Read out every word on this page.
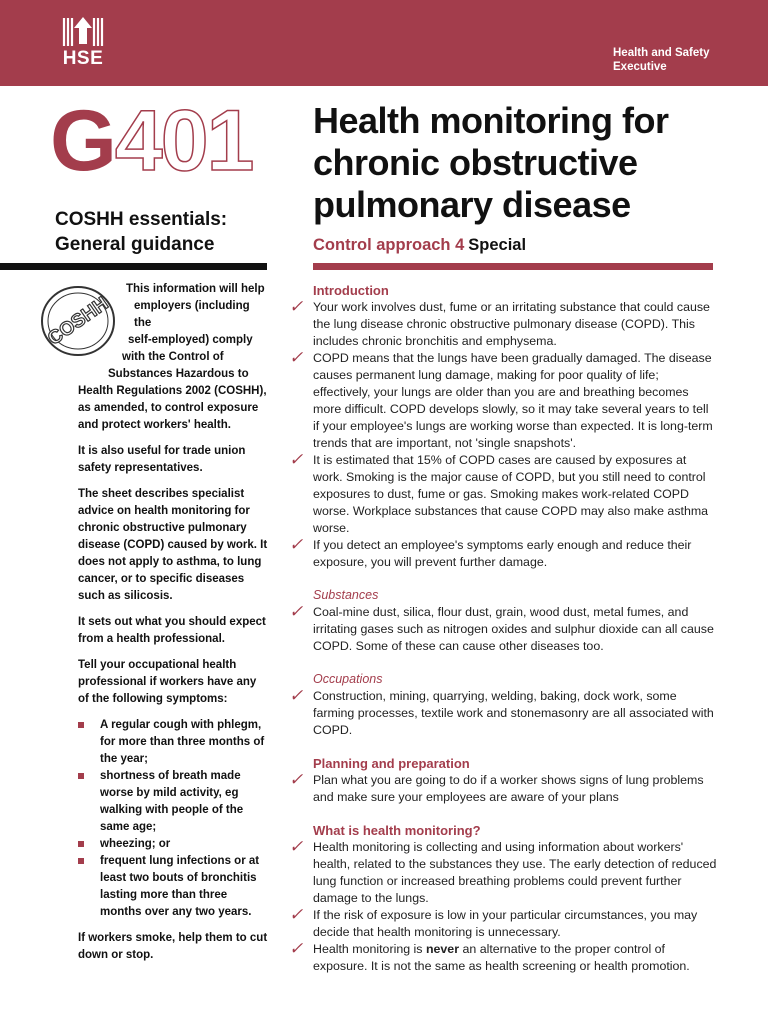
HSE	Health and Safety
Executive
G401 Health monitoring for chronic obstructive pulmonary disease
COSHH essentials:
General guidance	Control approach 4 Special
COSHH

This information will help
employers (including the
self-employed) comply
with the Control of
Substances Hazardous to
Health Regulations 2002 (COSHH), as amended, to control exposure and protect workers' health.

It is also useful for trade union safety representatives.

The sheet describes specialist advice on health monitoring for chronic obstructive pulmonary disease (COPD) caused by work. It does not apply to asthma, to lung cancer, or to specific diseases such as silicosis.

It sets out what you should expect from a health professional.

Tell your occupational health professional if workers have any of the following symptoms:

A regular cough with phlegm, for more than three months of the year;
shortness of breath made worse by mild activity, eg walking with people of the same age;
wheezing; or
frequent lung infections or at least two bouts of bronchitis lasting more than three months over any two years.

If workers smoke, help them to cut down or stop.

Introduction

✓ Your work involves dust, fume or an irritating substance that could cause the lung disease chronic obstructive pulmonary disease (COPD). This includes chronic bronchitis and emphysema.
✓ COPD means that the lungs have been gradually damaged. The disease causes permanent lung damage, making for poor quality of life; effectively, your lungs are older than you are and breathing becomes more difficult. COPD develops slowly, so it may take several years to tell if your employee's lungs are working worse than expected. It is long-term trends that are important, not 'single snapshots'.
✓ It is estimated that 15% of COPD cases are caused by exposures at work. Smoking is the major cause of COPD, but you still need to control exposures to dust, fume or gas. Smoking makes work-related COPD worse. Workplace substances that cause COPD may also make asthma worse.
✓ If you detect an employee's symptoms early enough and reduce their exposure, you will prevent further damage.

Substances

✓ Coal-mine dust, silica, flour dust, grain, wood dust, metal fumes, and irritating gases such as nitrogen oxides and sulphur dioxide can all cause COPD. Some of these can cause other diseases too.

Occupations

✓ Construction, mining, quarrying, welding, baking, dock work, some farming processes, textile work and stonemasonry are all associated with COPD.

Planning and preparation

✓ Plan what you are going to do if a worker shows signs of lung problems and make sure your employees are aware of your plans

What is health monitoring?

✓ Health monitoring is collecting and using information about workers' health, related to the substances they use. The early detection of reduced lung function or increased breathing problems could prevent further damage to the lungs.
✓ If the risk of exposure is low in your particular circumstances, you may decide that health monitoring is unnecessary.
✓ Health monitoring is never an alternative to the proper control of exposure. It is not the same as health screening or health promotion.
